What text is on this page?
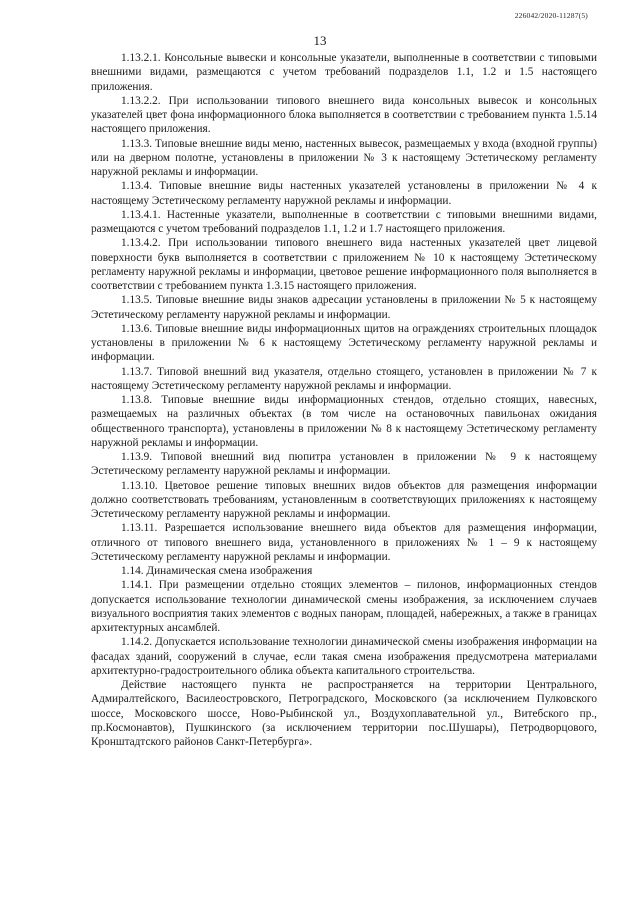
226042/2020-11287(5)
13

1.13.2.1. Консольные вывески и консольные указатели, выполненные в соответствии с типовыми внешними видами, размещаются с учетом требований подразделов 1.1, 1.2 и 1.5 настоящего приложения.

1.13.2.2. При использовании типового внешнего вида консольных вывесок и консольных указателей цвет фона информационного блока выполняется в соответствии с требованием пункта 1.5.14 настоящего приложения.

1.13.3. Типовые внешние виды меню, настенных вывесок, размещаемых у входа (входной группы) или на дверном полотне, установлены в приложении № 3 к настоящему Эстетическому регламенту наружной рекламы и информации.

1.13.4. Типовые внешние виды настенных указателей установлены в приложении № 4 к настоящему Эстетическому регламенту наружной рекламы и информации.

1.13.4.1. Настенные указатели, выполненные в соответствии с типовыми внешними видами, размещаются с учетом требований подразделов 1.1, 1.2 и 1.7 настоящего приложения.

1.13.4.2. При использовании типового внешнего вида настенных указателей цвет лицевой поверхности букв выполняется в соответствии с приложением № 10 к настоящему Эстетическому регламенту наружной рекламы и информации, цветовое решение информационного поля выполняется в соответствии с требованием пункта 1.3.15 настоящего приложения.

1.13.5. Типовые внешние виды знаков адресации установлены в приложении № 5 к настоящему Эстетическому регламенту наружной рекламы и информации.

1.13.6. Типовые внешние виды информационных щитов на ограждениях строительных площадок установлены в приложении № 6 к настоящему Эстетическому регламенту наружной рекламы и информации.

1.13.7. Типовой внешний вид указателя, отдельно стоящего, установлен в приложении № 7 к настоящему Эстетическому регламенту наружной рекламы и информации.

1.13.8. Типовые внешние виды информационных стендов, отдельно стоящих, навесных, размещаемых на различных объектах (в том числе на остановочных павильонах ожидания общественного транспорта), установлены в приложении № 8 к настоящему Эстетическому регламенту наружной рекламы и информации.

1.13.9. Типовой внешний вид пюпитра установлен в приложении № 9 к настоящему Эстетическому регламенту наружной рекламы и информации.

1.13.10. Цветовое решение типовых внешних видов объектов для размещения информации должно соответствовать требованиям, установленным в соответствующих приложениях к настоящему Эстетическому регламенту наружной рекламы и информации.

1.13.11. Разрешается использование внешнего вида объектов для размещения информации, отличного от типового внешнего вида, установленного в приложениях № 1 – 9 к настоящему Эстетическому регламенту наружной рекламы и информации.

1.14. Динамическая смена изображения

1.14.1. При размещении отдельно стоящих элементов – пилонов, информационных стендов допускается использование технологии динамической смены изображения, за исключением случаев визуального восприятия таких элементов с водных панорам, площадей, набережных, а также в границах архитектурных ансамблей.

1.14.2. Допускается использование технологии динамической смены изображения информации на фасадах зданий, сооружений в случае, если такая смена изображения предусмотрена материалами архитектурно-градостроительного облика объекта капитального строительства.

Действие настоящего пункта не распространяется на территории Центрального, Адмиралтейского, Василеостровского, Петроградского, Московского (за исключением Пулковского шоссе, Московского шоссе, Ново-Рыбинской ул., Воздухоплавательной ул., Витебского пр., пр.Космонавтов), Пушкинского (за исключением территории пос.Шушары), Петродворцового, Кронштадтского районов Санкт-Петербурга».
